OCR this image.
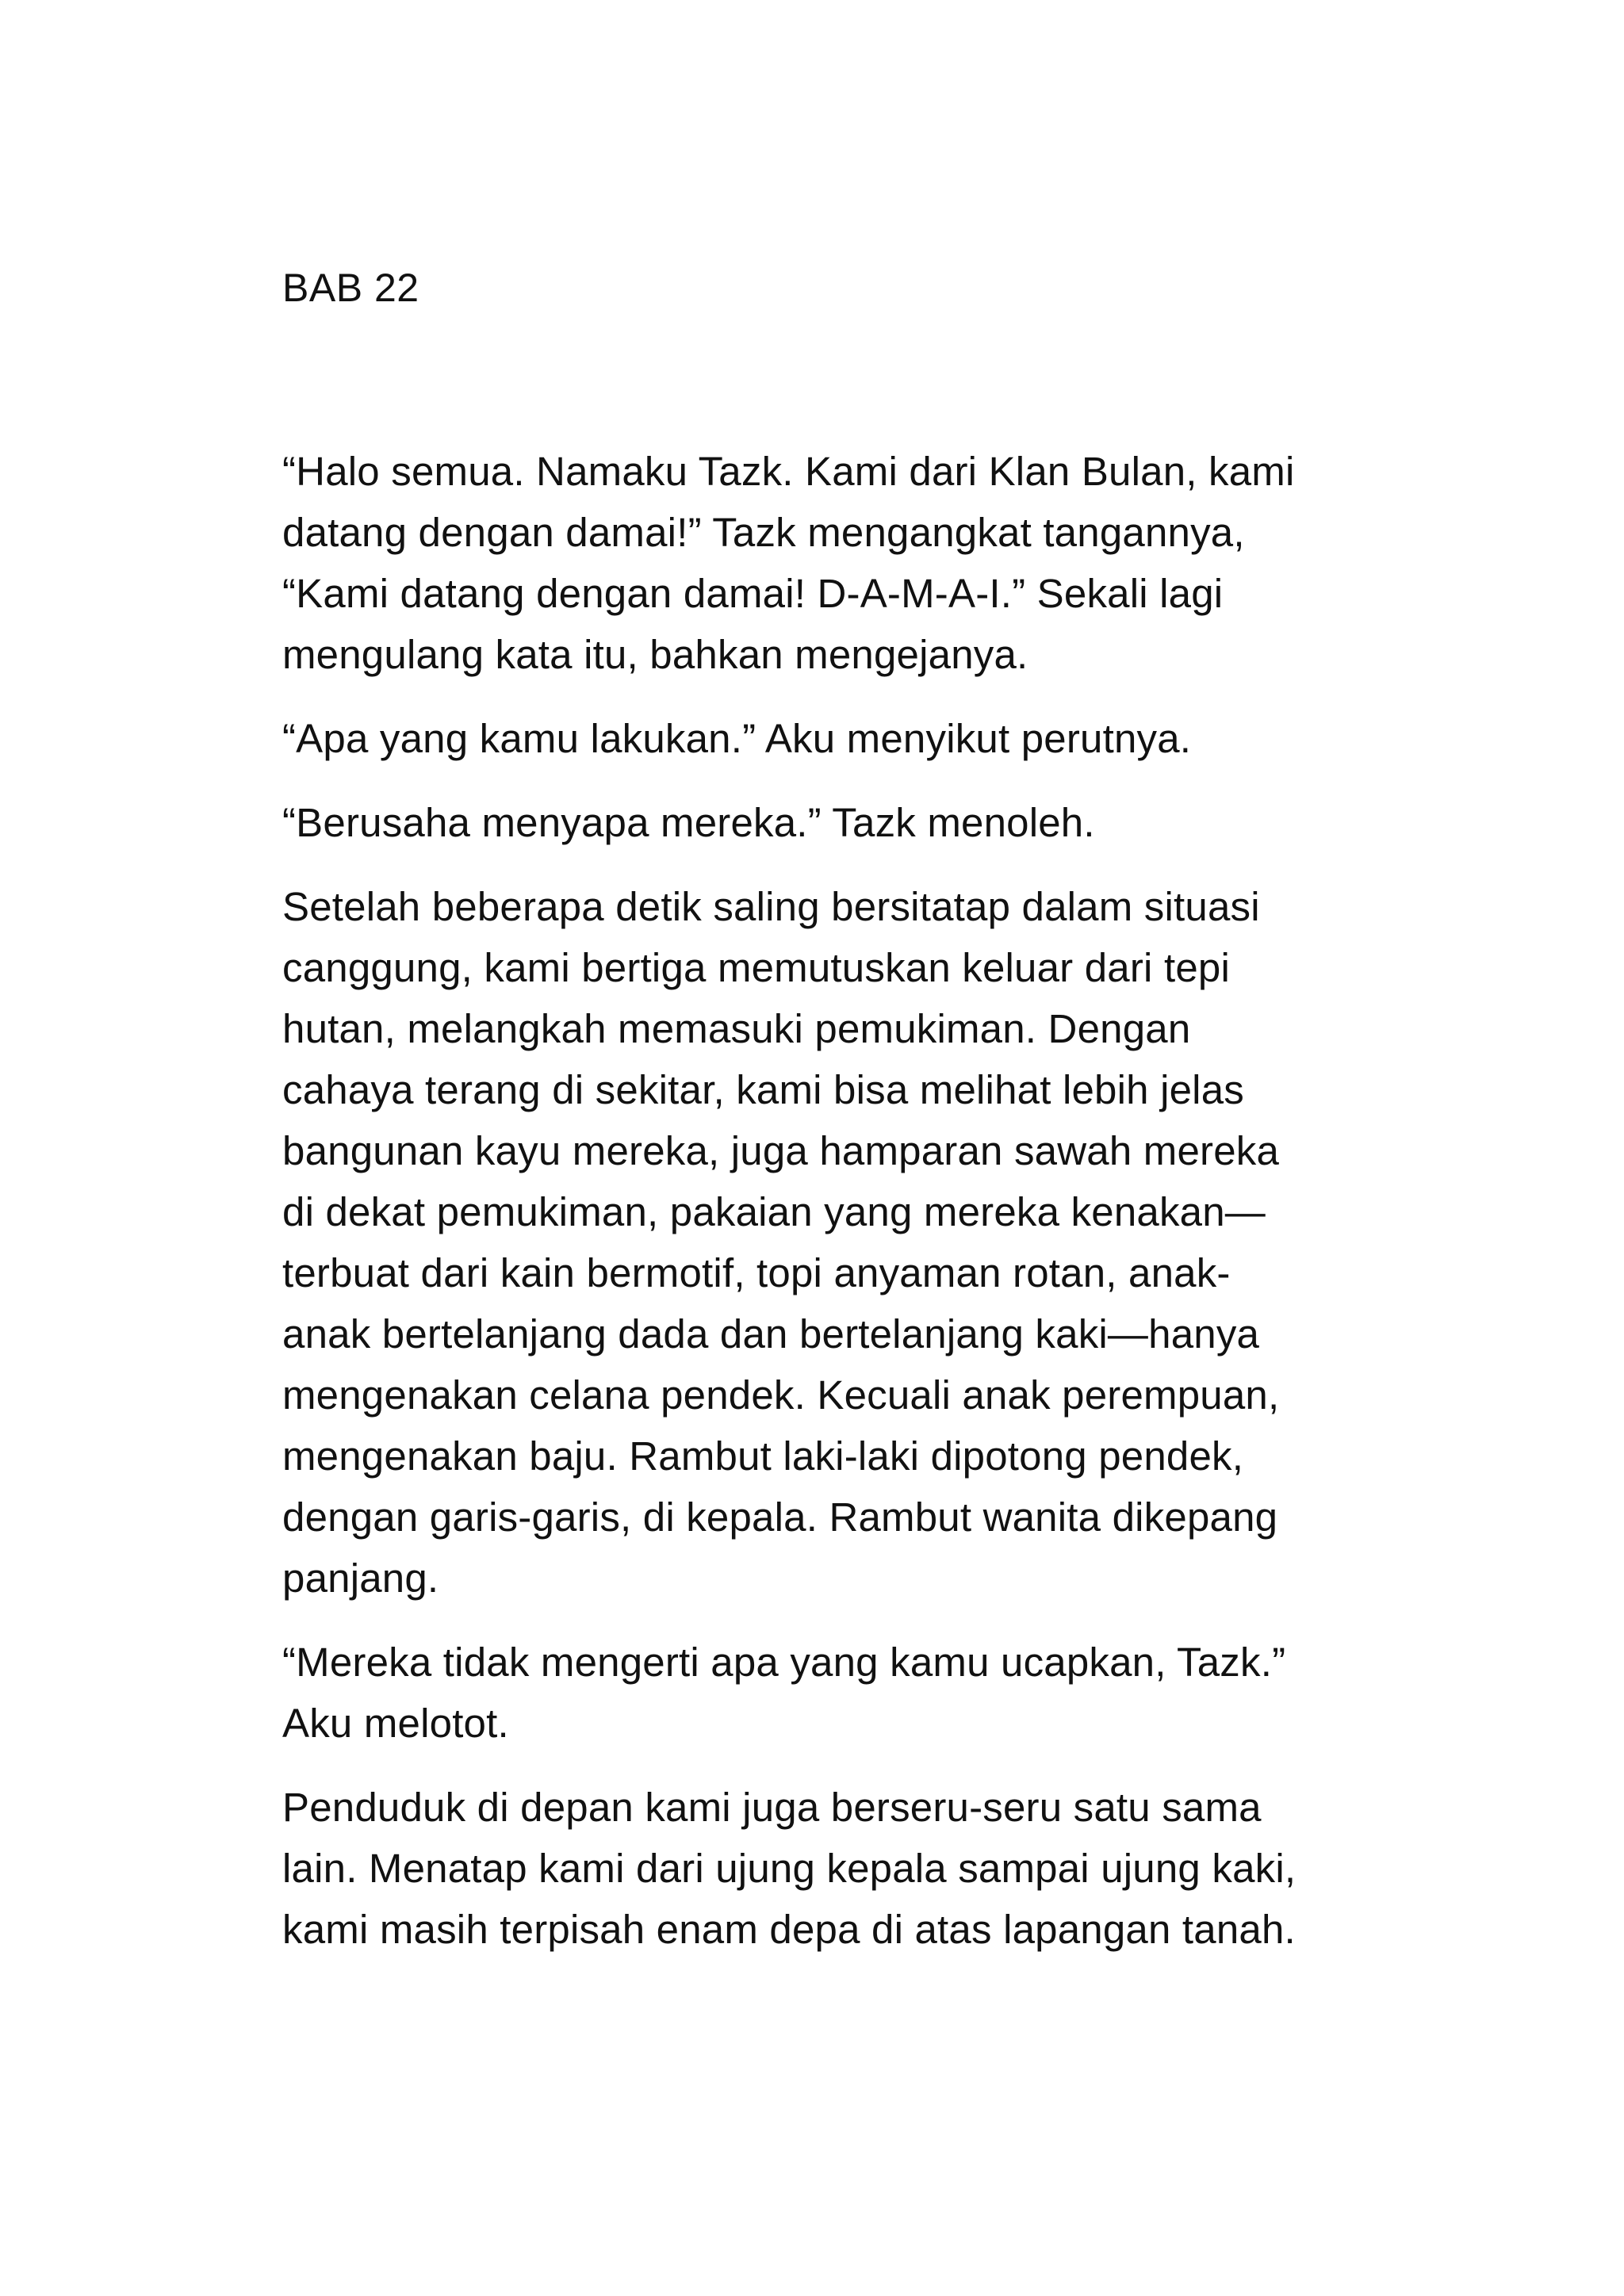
BAB 22

“Halo semua. Namaku Tazk. Kami dari Klan Bulan, kami
datang dengan damai!” Tazk mengangkat tangannya,
“Kami datang dengan damai! D-A-M-A-I.” Sekali lagi
mengulang kata itu, bahkan mengejanya.

“Apa yang kamu lakukan.” Aku menyikut perutnya.

“Berusaha menyapa mereka.” Tazk menoleh.

Setelah beberapa detik saling bersitatap dalam situasi
canggung, kami bertiga memutuskan keluar dari tepi
hutan, melangkah memasuki pemukiman. Dengan
cahaya terang di sekitar, kami bisa melihat lebih jelas
bangunan kayu mereka, juga hamparan sawah mereka
di dekat pemukiman, pakaian yang mereka kenakan—
terbuat dari kain bermotif, topi anyaman rotan, anak-
anak bertelanjang dada dan bertelanjang kaki—hanya
mengenakan celana pendek. Kecuali anak perempuan,
mengenakan baju. Rambut laki-laki dipotong pendek,
dengan garis-garis, di kepala. Rambut wanita dikepang
panjang.

“Mereka tidak mengerti apa yang kamu ucapkan, Tazk.”
Aku melotot.

Penduduk di depan kami juga berseru-seru satu sama
lain. Menatap kami dari ujung kepala sampai ujung kaki,
kami masih terpisah enam depa di atas lapangan tanah.
